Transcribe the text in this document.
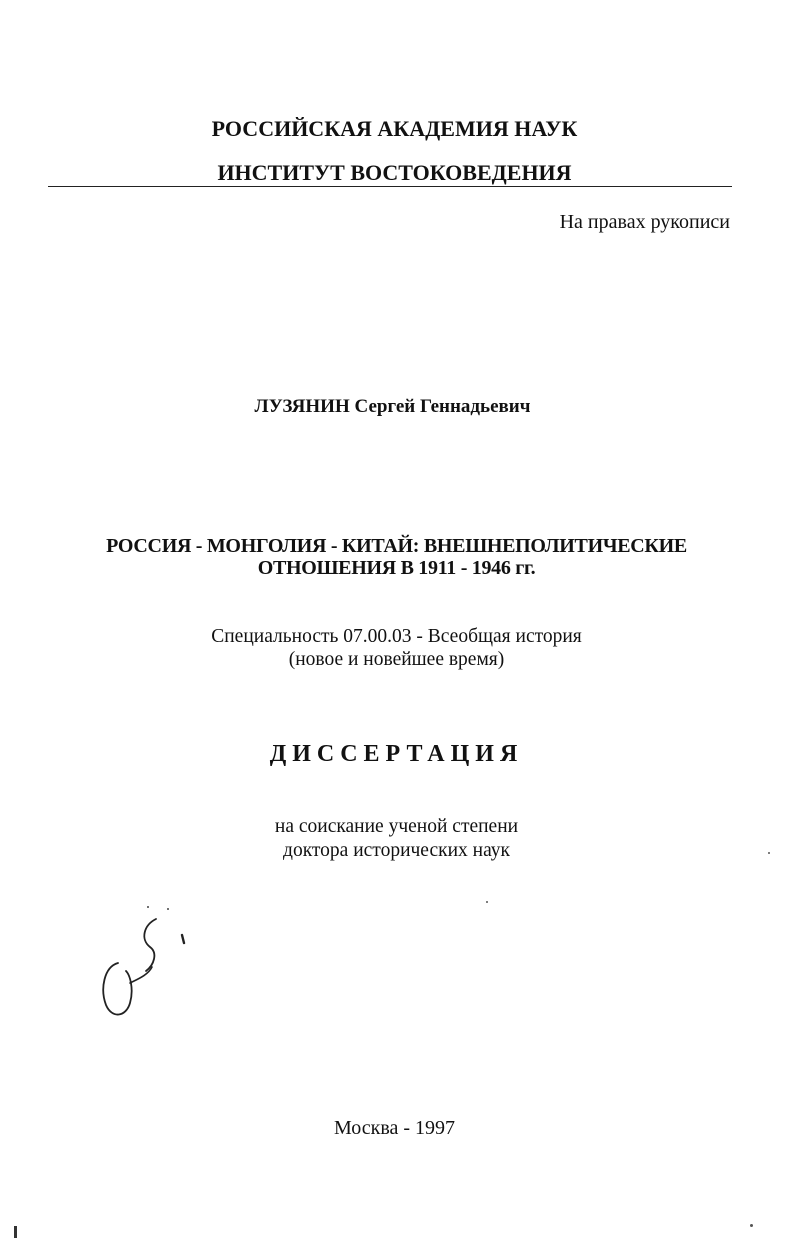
РОССИЙСКАЯ АКАДЕМИЯ НАУК
ИНСТИТУТ ВОСТОКОВЕДЕНИЯ
На правах рукописи
ЛУЗЯНИН Сергей Геннадьевич
РОССИЯ - МОНГОЛИЯ - КИТАЙ: ВНЕШНЕПОЛИТИЧЕСКИЕ
ОТНОШЕНИЯ В 1911 - 1946 гг.
Специальность 07.00.03 - Всеобщая история
(новое и новейшее время)
ДИССЕРТАЦИЯ
на соискание ученой степени
доктора исторических наук
Москва - 1997
